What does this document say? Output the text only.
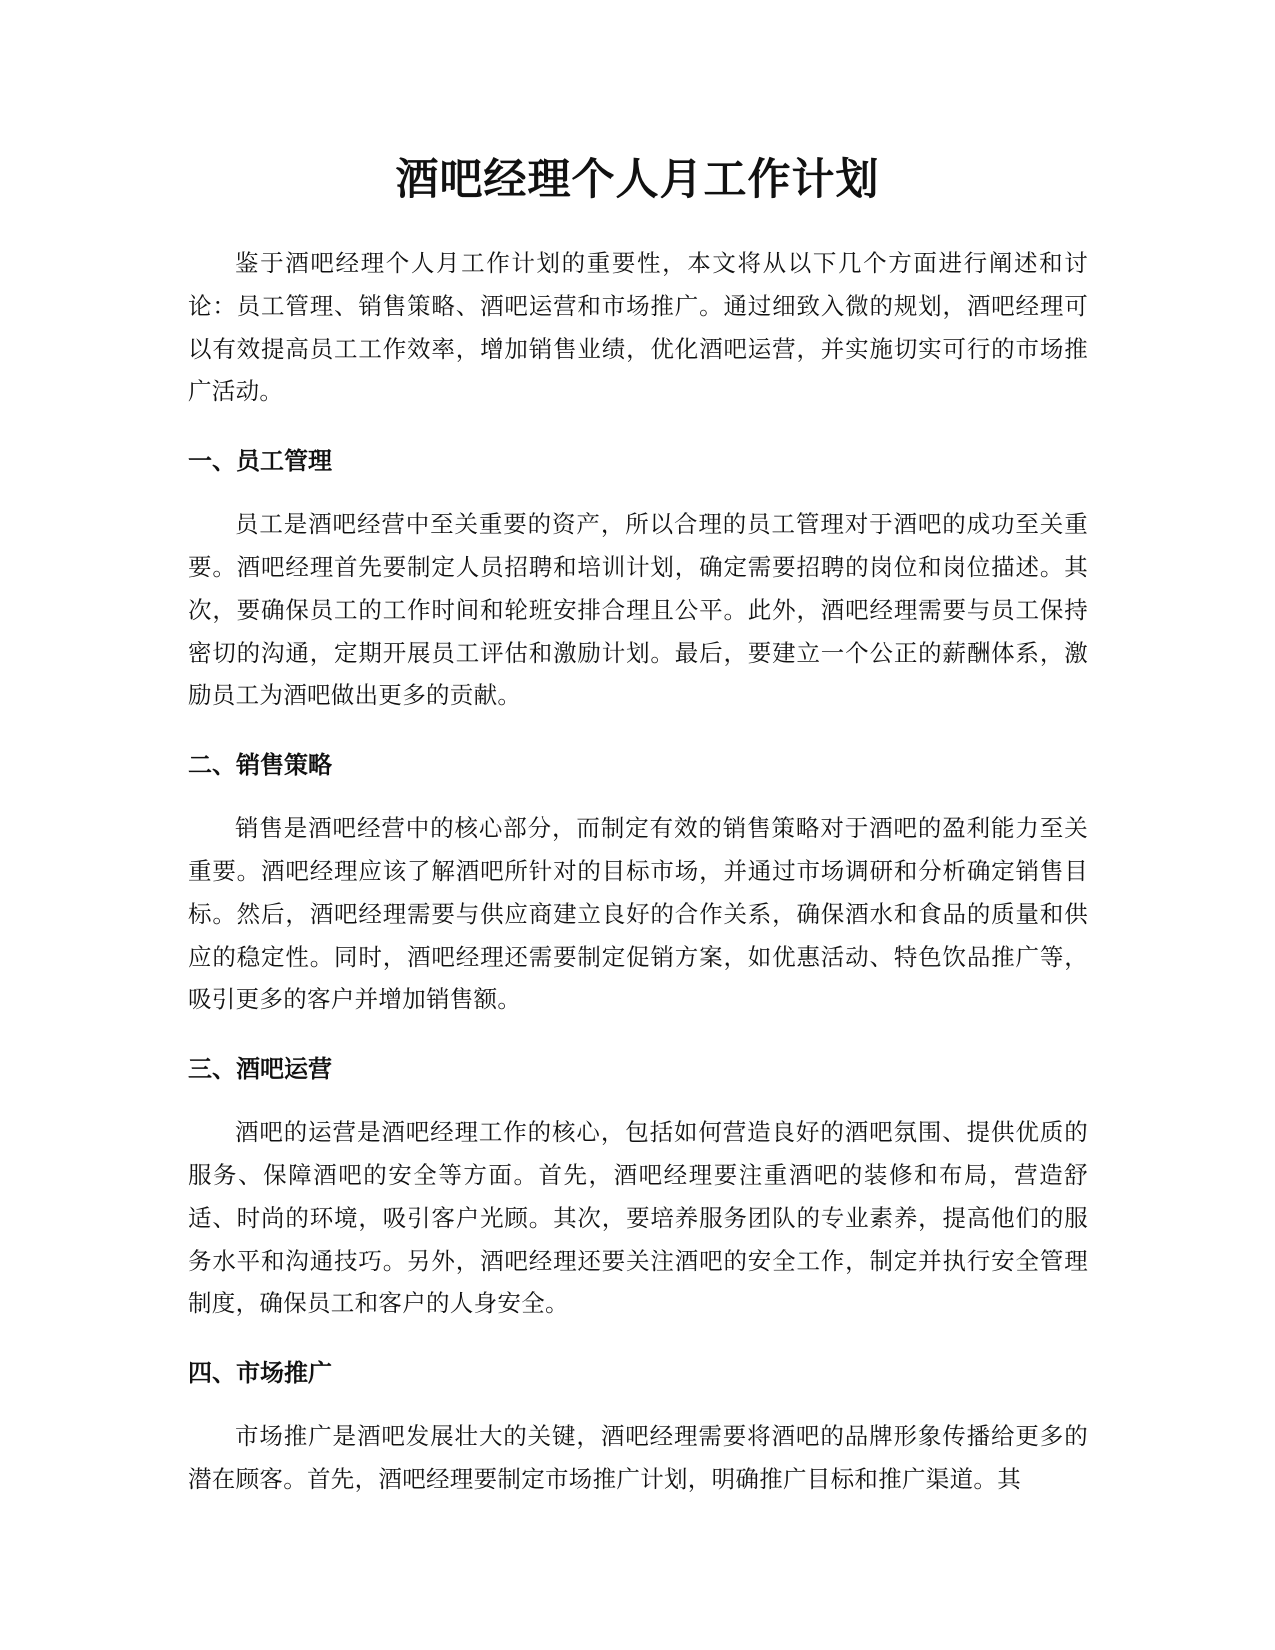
酒吧经理个人月工作计划

鉴于酒吧经理个人月工作计划的重要性，本文将从以下几个方面进行阐述和讨论：员工管理、销售策略、酒吧运营和市场推广。通过细致入微的规划，酒吧经理可以有效提高员工工作效率，增加销售业绩，优化酒吧运营，并实施切实可行的市场推广活动。

一、员工管理

员工是酒吧经营中至关重要的资产，所以合理的员工管理对于酒吧的成功至关重要。酒吧经理首先要制定人员招聘和培训计划，确定需要招聘的岗位和岗位描述。其次，要确保员工的工作时间和轮班安排合理且公平。此外，酒吧经理需要与员工保持密切的沟通，定期开展员工评估和激励计划。最后，要建立一个公正的薪酬体系，激励员工为酒吧做出更多的贡献。

二、销售策略

销售是酒吧经营中的核心部分，而制定有效的销售策略对于酒吧的盈利能力至关重要。酒吧经理应该了解酒吧所针对的目标市场，并通过市场调研和分析确定销售目标。然后，酒吧经理需要与供应商建立良好的合作关系，确保酒水和食品的质量和供应的稳定性。同时，酒吧经理还需要制定促销方案，如优惠活动、特色饮品推广等，吸引更多的客户并增加销售额。

三、酒吧运营

酒吧的运营是酒吧经理工作的核心，包括如何营造良好的酒吧氛围、提供优质的服务、保障酒吧的安全等方面。首先，酒吧经理要注重酒吧的装修和布局，营造舒适、时尚的环境，吸引客户光顾。其次，要培养服务团队的专业素养，提高他们的服务水平和沟通技巧。另外，酒吧经理还要关注酒吧的安全工作，制定并执行安全管理制度，确保员工和客户的人身安全。

四、市场推广

市场推广是酒吧发展壮大的关键，酒吧经理需要将酒吧的品牌形象传播给更多的潜在顾客。首先，酒吧经理要制定市场推广计划，明确推广目标和推广渠道。其
